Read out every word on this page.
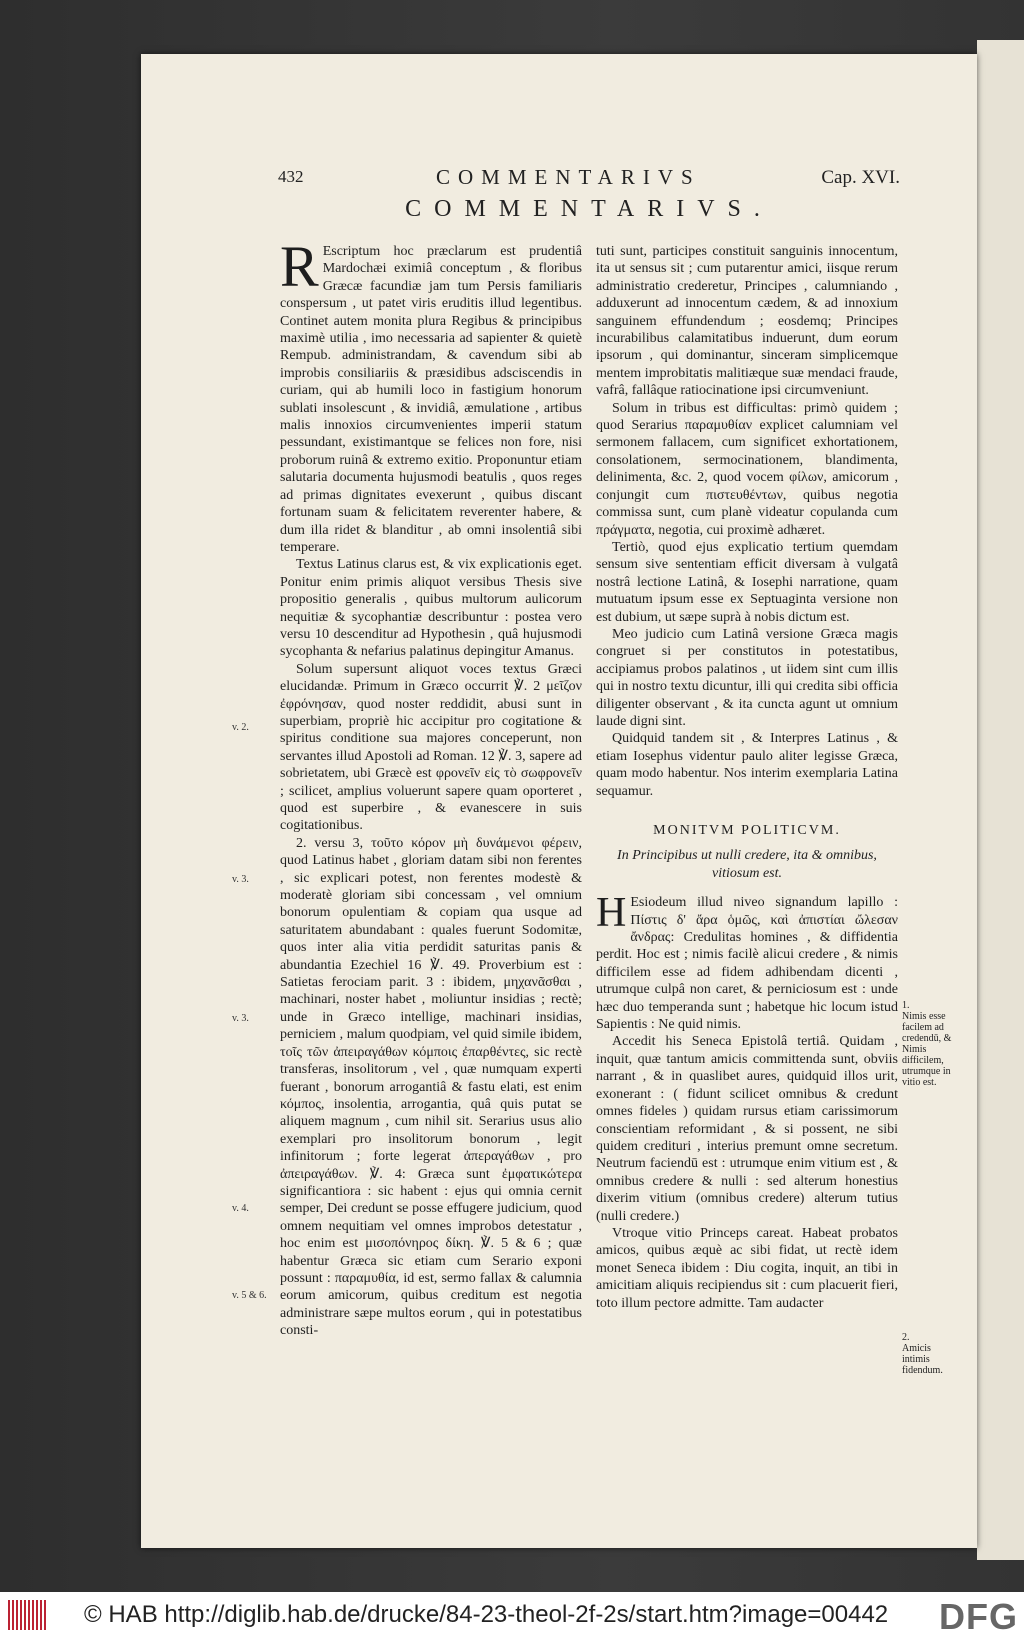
432	COMMENTARIVS	Cap. XVI.
COMMENTARIVS.

R Escriptum hoc præclarum est prudentiâ Mardochæi eximiâ conceptum , & floribus Græcæ facundiæ jam tum Persis familiaris conspersum , ut patet viris eruditis illud legentibus. Continet autem monita plura Regibus & principibus maximè utilia , imo necessaria ad sapienter & quietè Rempub. administrandam, & cavendum sibi ab improbis consiliariis & præsidibus adsciscendis in curiam, qui ab humili loco in fastigium honorum sublati insolescunt , & invidiâ, æmulatione , artibus malis innoxios circumvenientes imperii statum pessundant, existimantque se felices non fore, nisi proborum ruinâ & extremo exitio. Proponuntur etiam salutaria documenta hujusmodi beatulis , quos reges ad primas dignitates evexerunt , quibus discant fortunam suam & felicitatem reverenter habere, & dum illa ridet & blanditur , ab omni insolentiâ sibi temperare.

Textus Latinus clarus est, & vix explicationis eget. Ponitur enim primis aliquot versibus Thesis sive propositio generalis , quibus multorum aulicorum nequitiæ & sycophantiæ describuntur : postea vero versu 10 descenditur ad Hypothesin , quâ hujusmodi sycophanta & nefarius palatinus depingitur Amanus.

Solum supersunt aliquot voces textus Græci elucidandæ. Primum in Græco occurrit ℣. 2 μεῖζον ἐφρόνησαν, quod noster reddidit, abusi sunt in superbiam, propriè hic accipitur pro cogitatione & spiritus conditione sua majores conceperunt, non servantes illud Apostoli ad Roman. 12 ℣. 3, sapere ad sobrietatem, ubi Græcè est φρονεῖν εἰς τὸ σωφρονεῖν ; scilicet, amplius voluerunt sapere quam oporteret , quod est superbire , & evanescere in suis cogitationibus.

2. versu 3, τοῦτο κόρον μὴ δυνάμενοι φέρειν, quod Latinus habet , gloriam datam sibi non ferentes , sic explicari potest, non ferentes modestè & moderatè gloriam sibi concessam , vel omnium bonorum opulentiam & copiam qua usque ad saturitatem abundabant : quales fuerunt Sodomitæ, quos inter alia vitia perdidit saturitas panis & abundantia Ezechiel 16 ℣. 49. Proverbium est : Satietas ferociam parit. 3 : ibidem, μηχανᾶσθαι , machinari, noster habet , moliuntur insidias ; rectè; unde in Græco intellige, machinari insidias, perniciem , malum quodpiam, vel quid simile ibidem, τοῖς τῶν ἀπειραγάθων κόμποις ἐπαρθέντες, sic rectè transferas, insolitorum , vel , quæ numquam experti fuerant , bonorum arrogantiâ & fastu elati, est enim κόμπος, insolentia, arrogantia, quâ quis putat se aliquem magnum , cum nihil sit. Serarius usus alio exemplari pro insolitorum bonorum , legit infinitorum ; forte legerat ἀπεραγάθων , pro ἀπειραγάθων. ℣. 4: Græca sunt ἐμφατικώτερα significantiora : sic habent : ejus qui omnia cernit semper, Dei credunt se posse effugere judicium, quod omnem nequitiam vel omnes improbos detestatur , hoc enim est μισοπόνηρος δίκη. ℣. 5 & 6 ; quæ habentur Græca sic etiam cum Serario exponi possunt : παραμυθία, id est, sermo fallax & calumnia eorum amicorum, quibus creditum est negotia administrare sæpe multos eorum , qui in potestatibus consti-

tuti sunt, participes constituit sanguinis innocentum, ita ut sensus sit ; cum putarentur amici, iisque rerum administratio crederetur, Principes , calumniando , adduxerunt ad innocentum cædem, & ad innoxium sanguinem effundendum ; eosdemq; Principes incurabilibus calamitatibus induerunt, dum eorum ipsorum , qui dominantur, sinceram simplicemque mentem improbitatis malitiæque suæ mendaci fraude, vafrâ, fallâque ratiocinatione ipsi circumveniunt.

Solum in tribus est difficultas: primò quidem ; quod Serarius παραμυθίαν explicet calumniam vel sermonem fallacem, cum significet exhortationem, consolationem, sermocinationem, blandimenta, delinimenta, &c. 2, quod vocem φίλων, amicorum , conjungit cum πιστευθέντων, quibus negotia commissa sunt, cum planè videatur copulanda cum πράγματα, negotia, cui proximè adhæret.

Tertiò, quod ejus explicatio tertium quemdam sensum sive sententiam efficit diversam à vulgatâ nostrâ lectione Latinâ, & Iosephi narratione, quam mutuatum ipsum esse ex Septuaginta versione non est dubium, ut sæpe suprà à nobis dictum est.

Meo judicio cum Latinâ versione Græca magis congruet si per constitutos in potestatibus, accipiamus probos palatinos , ut iidem sint cum illis qui in nostro textu dicuntur, illi qui credita sibi officia diligenter observant , & ita cuncta agunt ut omnium laude digni sint.

Quidquid tandem sit , & Interpres Latinus , & etiam Iosephus videntur paulo aliter legisse Græca, quam modo habentur. Nos interim exemplaria Latina sequamur.

MONITVM POLITICVM.

In Principibus ut nulli credere, ita & omnibus, vitiosum est.

H Esiodeum illud niveo signandum lapillo : Πίστις δ' ἄρα ὁμῶς, καὶ ἀπιστίαι ὤλεσαν ἄνδρας: Credulitas homines , & diffidentia perdit. Hoc est ; nimis facilè alicui credere , & nimis difficilem esse ad fidem adhibendam dicenti , utrumque culpâ non caret, & perniciosum est : unde hæc duo temperanda sunt ; habetque hic locum istud Sapientis : Ne quid nimis.

Accedit his Seneca Epistolâ tertiâ. Quidam , inquit, quæ tantum amicis committenda sunt, obviis narrant , & in quaslibet aures, quidquid illos urit, exonerant : ( fidunt scilicet omnibus & credunt omnes fideles ) quidam rursus etiam carissimorum conscientiam reformidant , & si possent, ne sibi quidem credituri , interius premunt omne secretum. Neutrum faciendū est : utrumque enim vitium est , & omnibus credere & nulli : sed alterum honestius dixerim vitium (omnibus credere) alterum tutius (nulli credere.)

Vtroque vitio Princeps careat. Habeat probatos amicos, quibus æquè ac sibi fidat, ut rectè idem monet Seneca ibidem : Diu cogita, inquit, an tibi in amicitiam aliquis recipiendus sit : cum placuerit fieri, toto illum pectore admitte. Tam audacter

v. 2.
v. 3.
v. 3.
v. 4.
v. 5 & 6.
1.
Nimis esse facilem ad credendū, & Nimis difficilem, utrumque in vitio est.
2.
Amicis intimis fidendum.
© HAB http://diglib.hab.de/drucke/84-23-theol-2f-2s/start.htm?image=00442 DFG
